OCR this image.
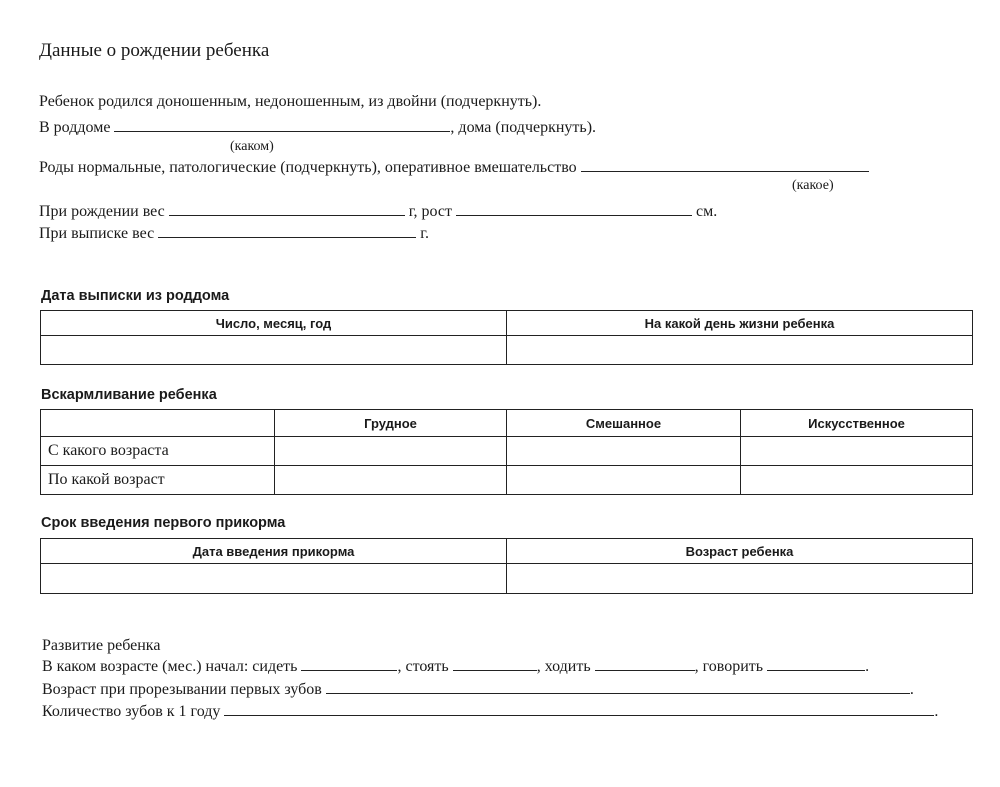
Данные о рождении ребенка
Ребенок родился доношенным, недоношенным, из двойни (подчеркнуть).
В роддоме	, дома (подчеркнуть).
(каком)
Роды нормальные, патологические (подчеркнуть), оперативное вмешательство
(какое)
При рождении вес	г, рост	см.
При выписке вес	г.
Дата выписки из роддома
Число, месяц, год	На какой день жизни ребенка

Вскармливание ребенка
	Грудное	Смешанное	Искусственное
С какого возраста			
По какой возраст			
Срок введения первого прикорма
Дата введения прикорма	Возраст ребенка

Развитие ребенка
В каком возрасте (мес.) начал: сидеть	, стоять	, ходить	, говорить	.
Возраст при прорезывании первых зубов	.
Количество зубов к 1 году	.
